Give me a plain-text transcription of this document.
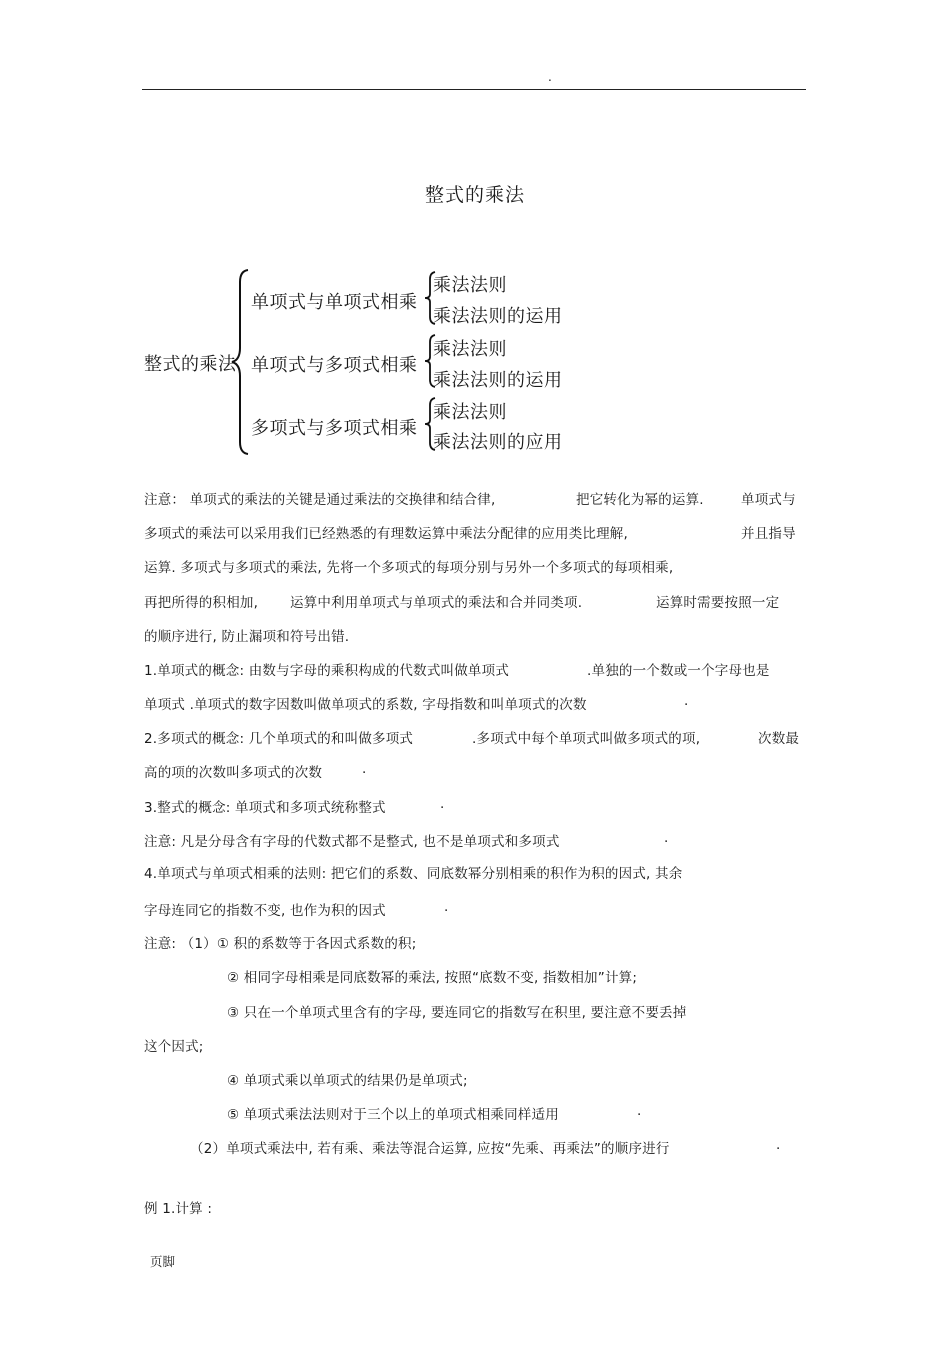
.
整式的乘法
整式的乘法
单项式与单项式相乘
单项式与多项式相乘
多项式与多项式相乘
乘法法则
乘法法则的运用
乘法法则
乘法法则的运用
乘法法则
乘法法则的应用
注意： 单项式的乘法的关键是通过乘法的交换律和结合律,	把它转化为幂的运算.	单项式与
多项式的乘法可以采用我们已经熟悉的有理数运算中乘法分配律的应用类比理解,	并且指导
运算. 多项式与多项式的乘法, 先将一个多项式的每项分别与另外一个多项式的每项相乘,
再把所得的积相加, 运算中利用单项式与单项式的乘法和合并同类项.	运算时需要按照一定
的顺序进行, 防止漏项和符号出错.
1.单项式的概念: 由数与字母的乘积构成的代数式叫做单项式	.单独的一个数或一个字母也是
单项式 .单项式的数字因数叫做单项式的系数, 字母指数和叫单项式的次数	.
2.多项式的概念: 几个单项式的和叫做多项式	.多项式中每个单项式叫做多项式的项,	次数最
高的项的次数叫多项式的次数	.
3.整式的概念: 单项式和多项式统称整式	.
注意: 凡是分母含有字母的代数式都不是整式, 也不是单项式和多项式	.
4.单项式与单项式相乘的法则: 把它们的系数、同底数幂分别相乘的积作为积的因式, 其余
字母连同它的指数不变, 也作为积的因式	.
注意: （1）① 积的系数等于各因式系数的积;
② 相同字母相乘是同底数幂的乘法, 按照“底数不变, 指数相加”计算;
③ 只在一个单项式里含有的字母, 要连同它的指数写在积里, 要注意不要丢掉
这个因式;
④ 单项式乘以单项式的结果仍是单项式;
⑤ 单项式乘法法则对于三个以上的单项式相乘同样适用	.
（2）单项式乘法中, 若有乘、乘法等混合运算, 应按“先乘、再乘法”的顺序进行	.
例 1.计算 :
页脚
